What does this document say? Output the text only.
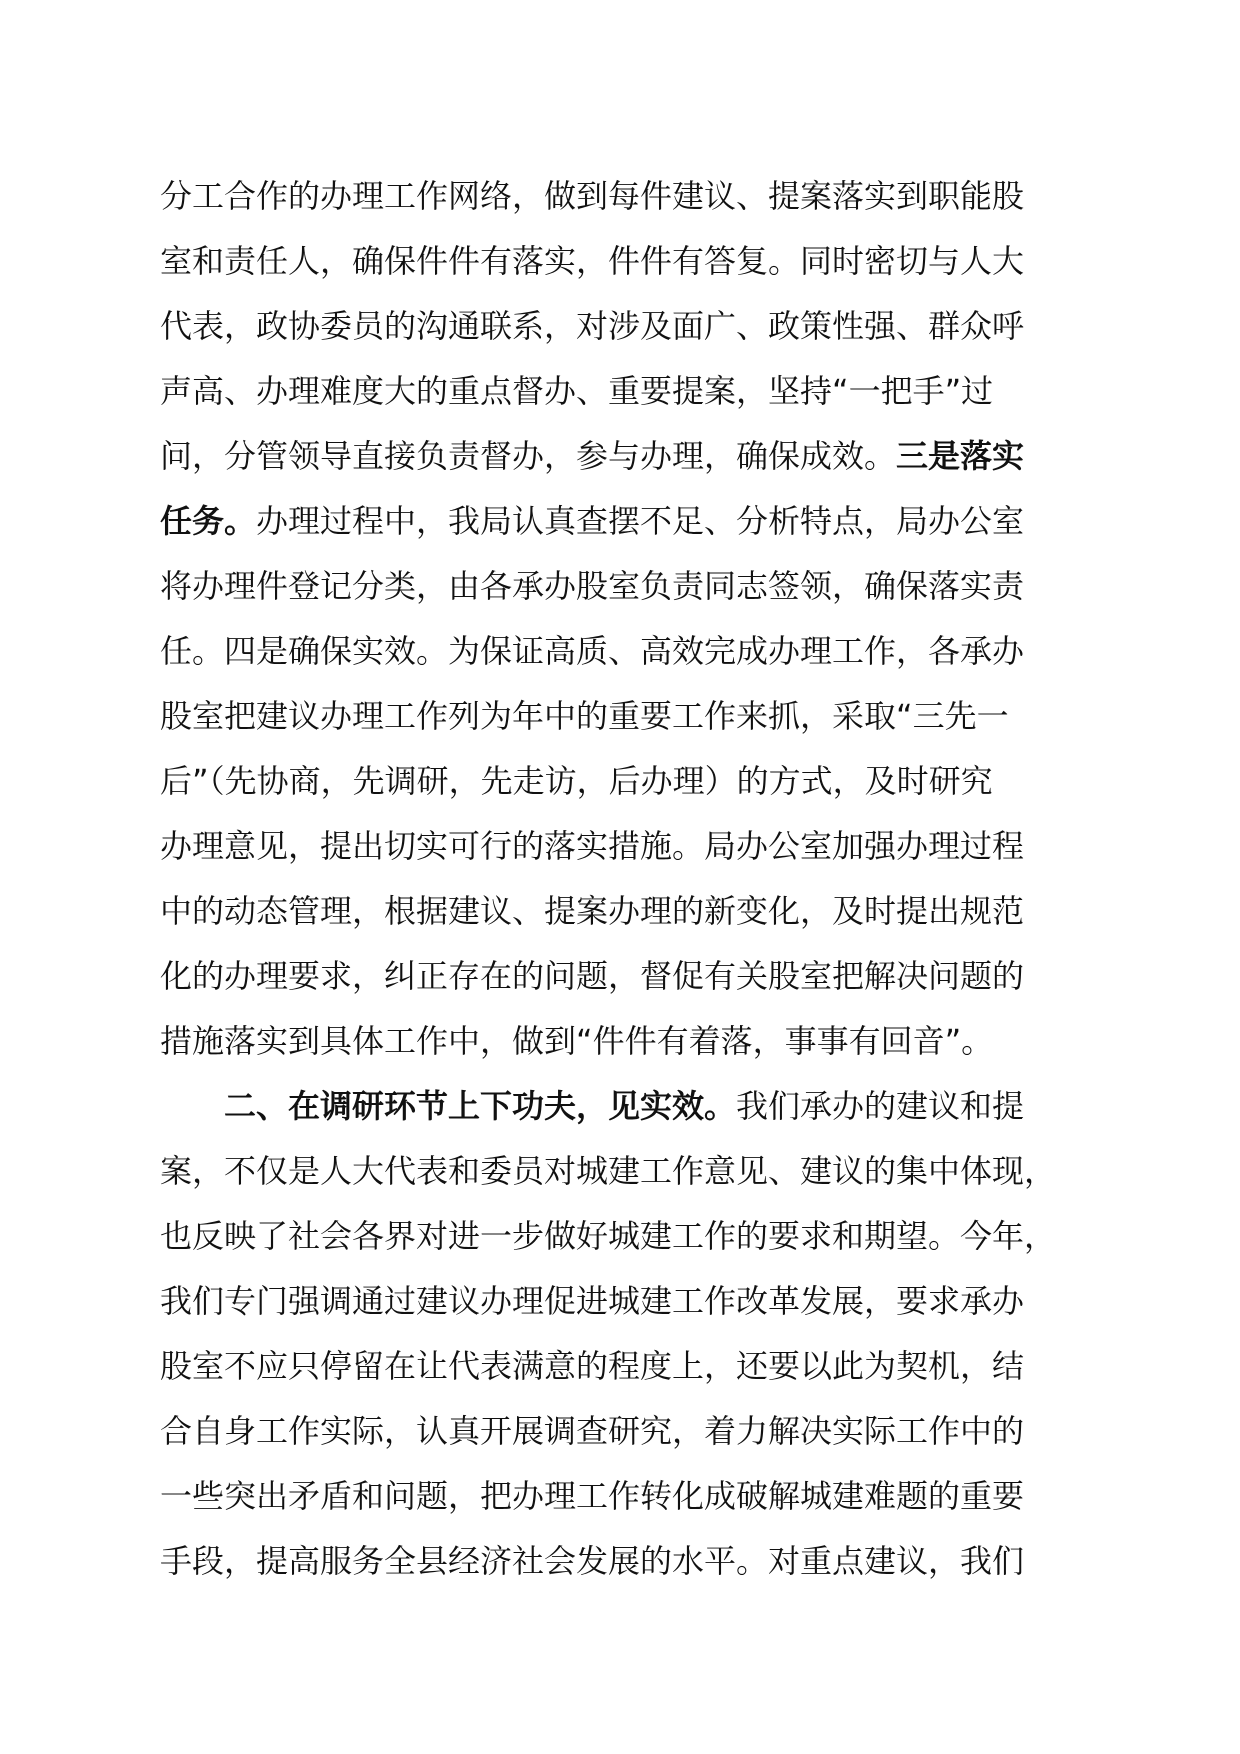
分工合作的办理工作网络，做到每件建议、提案落实到职能股
室和责任人，确保件件有落实，件件有答复。同时密切与人大
代表，政协委员的沟通联系，对涉及面广、政策性强、群众呼
声高、办理难度大的重点督办、重要提案，坚持“一把手”过
问，分管领导直接负责督办，参与办理，确保成效。三是落实
任务。办理过程中，我局认真查摆不足、分析特点，局办公室
将办理件登记分类，由各承办股室负责同志签领，确保落实责
任。四是确保实效。为保证高质、高效完成办理工作，各承办
股室把建议办理工作列为年中的重要工作来抓，采取“三先一
后”（先协商，先调研，先走访，后办理）的方式，及时研究
办理意见，提出切实可行的落实措施。局办公室加强办理过程
中的动态管理，根据建议、提案办理的新变化，及时提出规范
化的办理要求，纠正存在的问题，督促有关股室把解决问题的
措施落实到具体工作中，做到“件件有着落，事事有回音”。
二、在调研环节上下功夫，见实效。我们承办的建议和提
案，不仅是人大代表和委员对城建工作意见、建议的集中体现，
也反映了社会各界对进一步做好城建工作的要求和期望。今年，
我们专门强调通过建议办理促进城建工作改革发展，要求承办
股室不应只停留在让代表满意的程度上，还要以此为契机，结
合自身工作实际，认真开展调查研究，着力解决实际工作中的
一些突出矛盾和问题，把办理工作转化成破解城建难题的重要
手段，提高服务全县经济社会发展的水平。对重点建议，我们
